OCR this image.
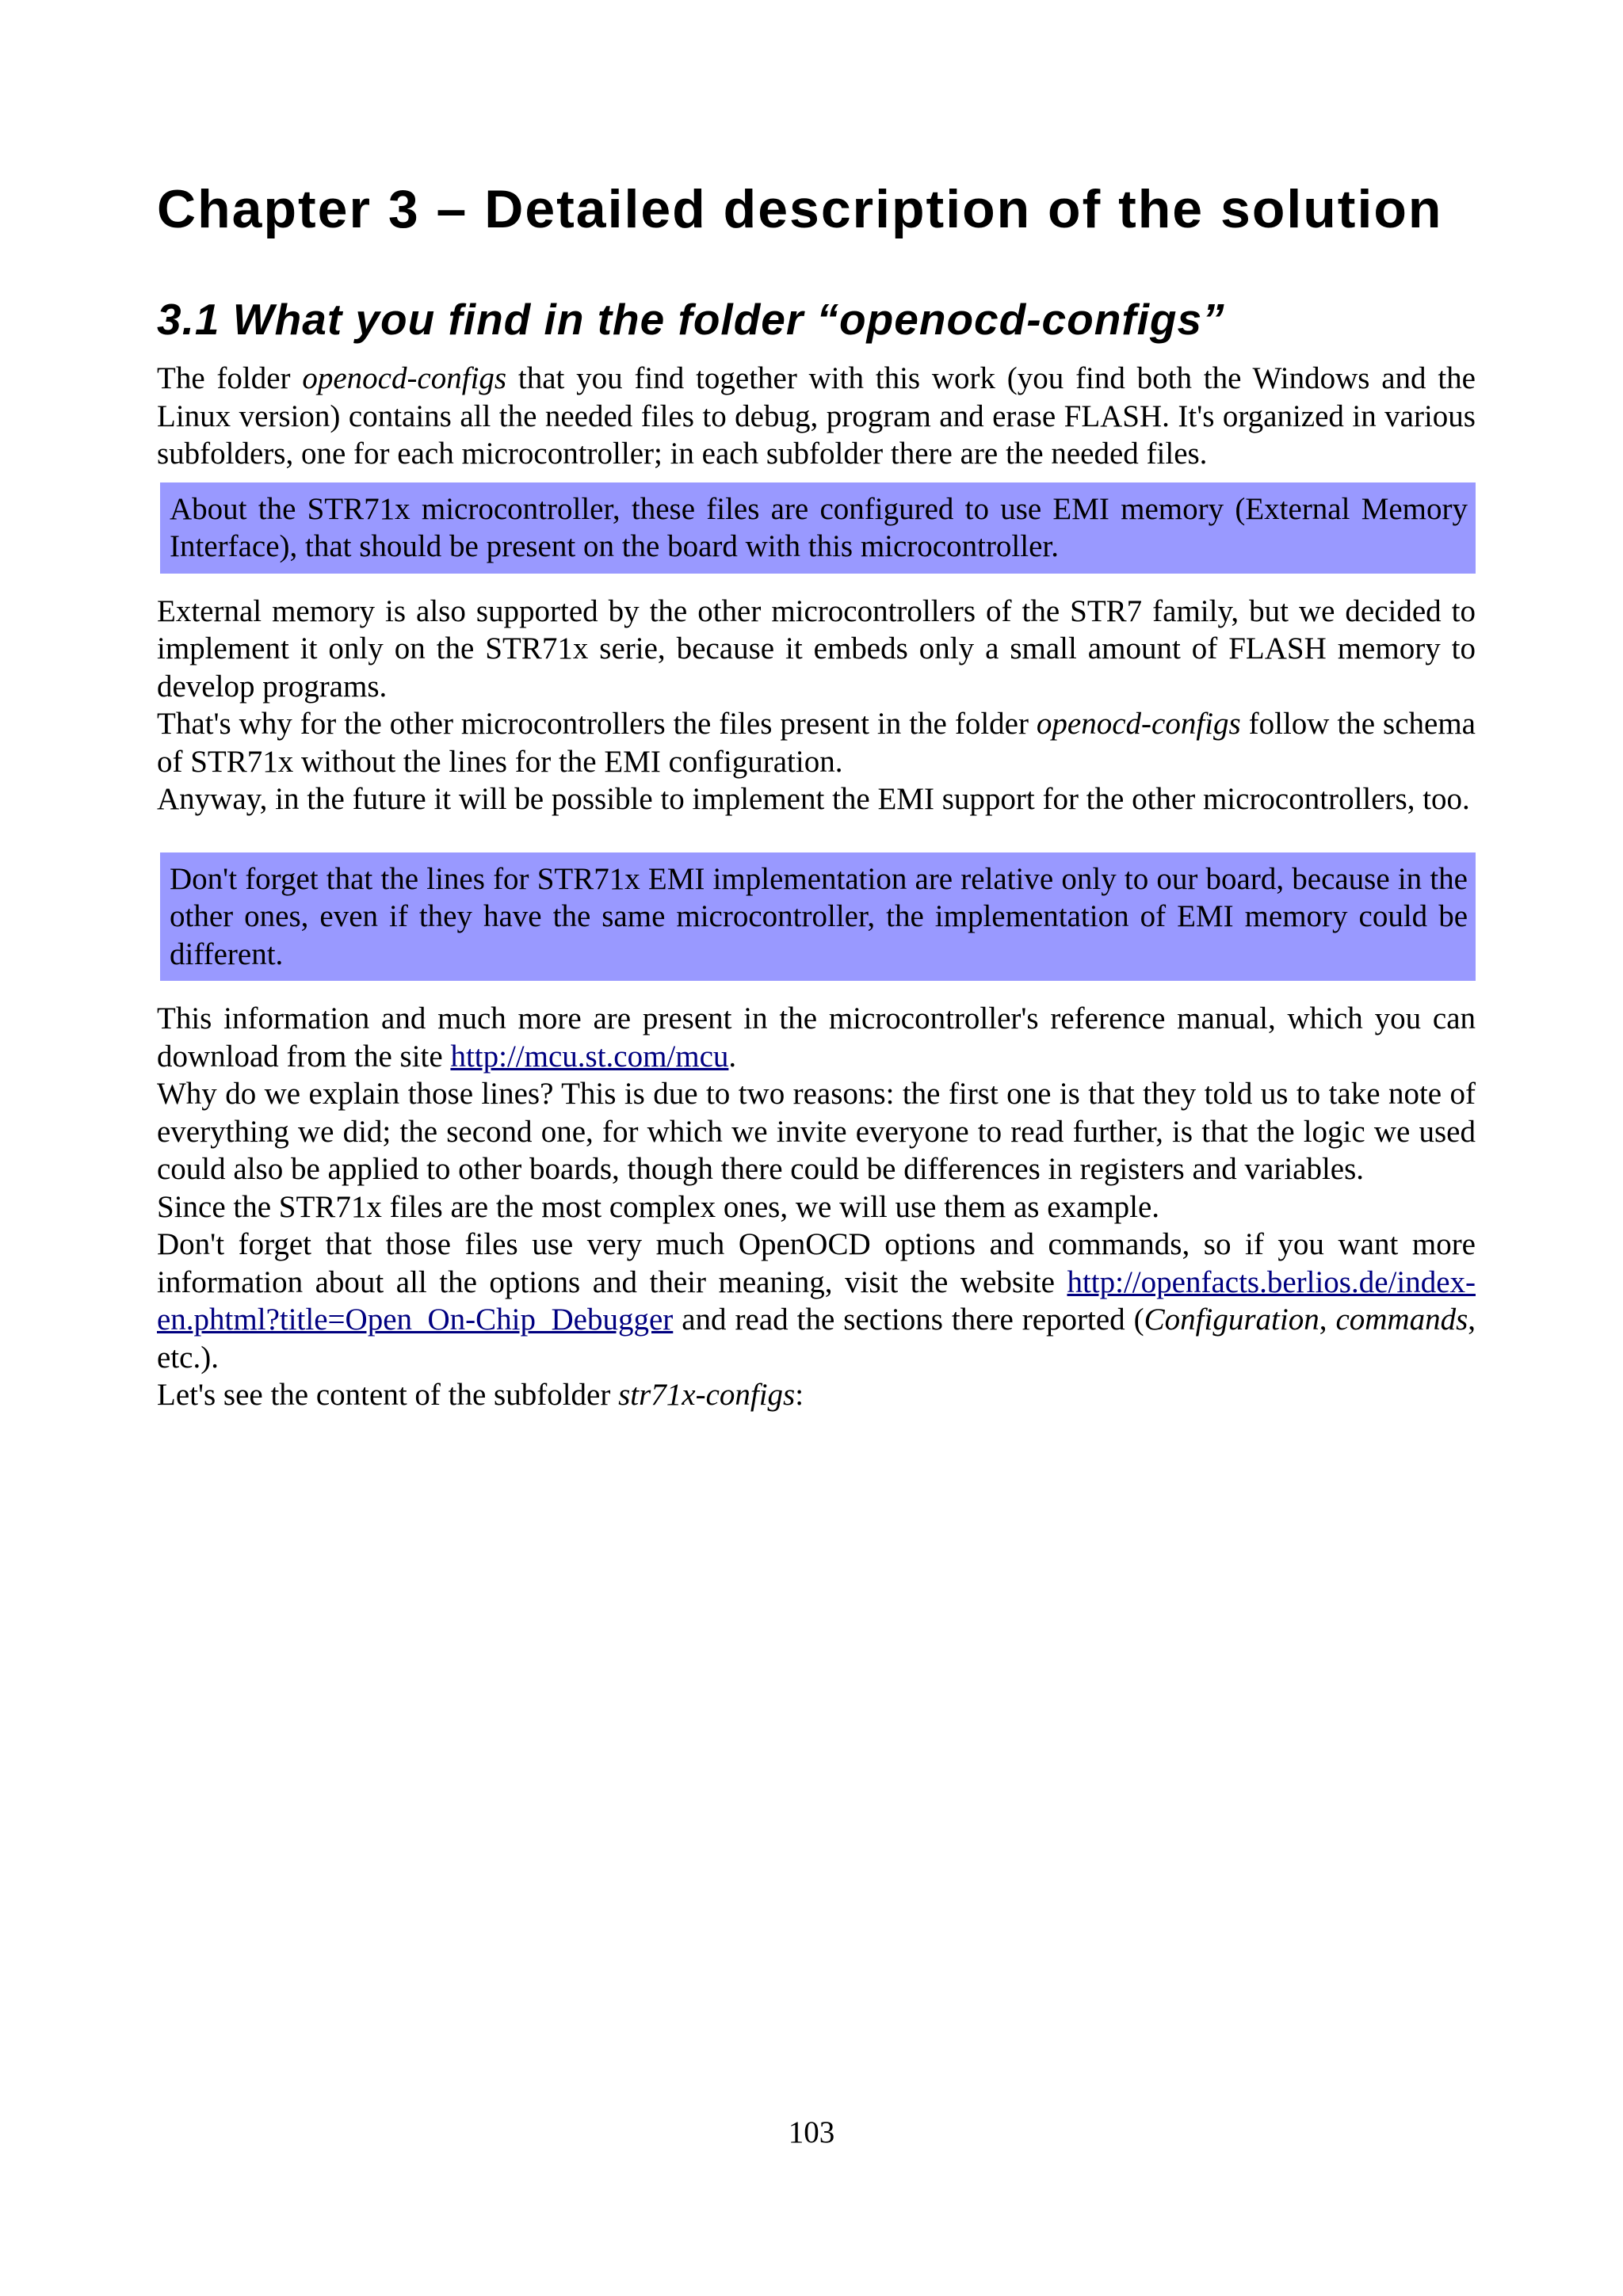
Chapter 3 – Detailed description of the solution
3.1 What you find in the folder “openocd-configs”

The folder openocd-configs that you find together with this work (you find both the Windows and the Linux version) contains all the needed files to debug, program and erase FLASH. It's organized in various subfolders, one for each microcontroller; in each subfolder there are the needed files.

About the STR71x microcontroller, these files are configured to use EMI memory (External Memory Interface), that should be present on the board with this microcontroller.

External memory is also supported by the other microcontrollers of the STR7 family, but we decided to implement it only on the STR71x serie, because it embeds only a small amount of FLASH memory to develop programs.

That's why for the other microcontrollers the files present in the folder openocd-configs follow the schema of STR71x without the lines for the EMI configuration.

Anyway, in the future it will be possible to implement the EMI support for the other microcontrollers, too.

Don't forget that the lines for STR71x EMI implementation are relative only to our board, because in the other ones, even if they have the same microcontroller, the implementation of EMI memory could be different.

This information and much more are present in the microcontroller's reference manual, which you can download from the site http://mcu.st.com/mcu.

Why do we explain those lines? This is due to two reasons: the first one is that they told us to take note of everything we did; the second one, for which we invite everyone to read further, is that the logic we used could also be applied to other boards, though there could be differences in registers and variables.

Since the STR71x files are the most complex ones, we will use them as example.

Don't forget that those files use very much OpenOCD options and commands, so if you want more information about all the options and their meaning, visit the website http://openfacts.berlios.de/index-en.phtml?title=Open_On-Chip_Debugger and read the sections there reported (Configuration, commands, etc.).

Let's see the content of the subfolder str71x-configs:

103
